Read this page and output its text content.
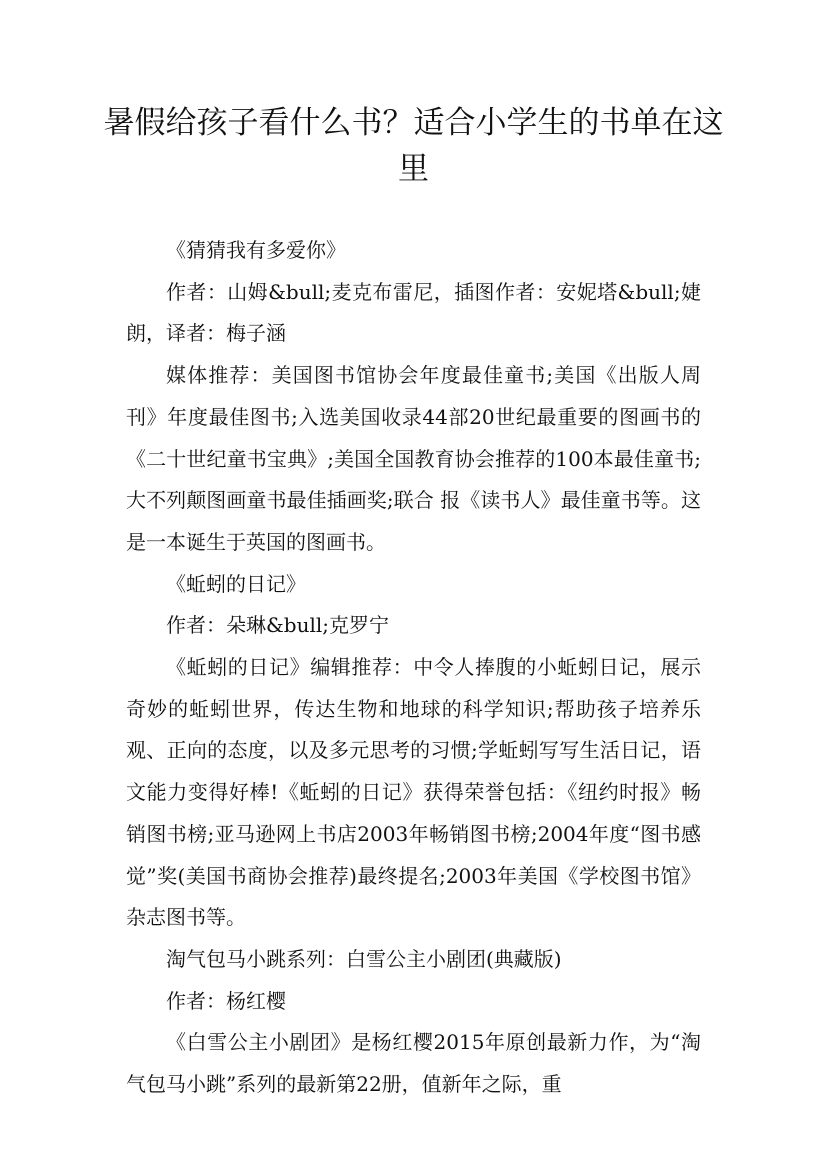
暑假给孩子看什么书？适合小学生的书单在这里

《猜猜我有多爱你》

作者：山姆&bull;麦克布雷尼，插图作者：安妮塔&bull;婕朗，译者：梅子涵

媒体推荐：美国图书馆协会年度最佳童书;美国《出版人周刊》年度最佳图书;入选美国收录44部20世纪最重要的图画书的《二十世纪童书宝典》;美国全国教育协会推荐的100本最佳童书;大不列颠图画童书最佳插画奖;联合 报《读书人》最佳童书等。这是一本诞生于英国的图画书。

《蚯蚓的日记》

作者：朵琳&bull;克罗宁

《蚯蚓的日记》编辑推荐：中令人捧腹的小蚯蚓日记，展示奇妙的蚯蚓世界，传达生物和地球的科学知识;帮助孩子培养乐观、正向的态度，以及多元思考的习惯;学蚯蚓写写生活日记，语文能力变得好棒!《蚯蚓的日记》获得荣誉包括：《纽约时报》畅销图书榜;亚马逊网上书店2003年畅销图书榜;2004年度“图书感觉”奖(美国书商协会推荐)最终提名;2003年美国《学校图书馆》杂志图书等。

淘气包马小跳系列：白雪公主小剧团(典藏版)

作者：杨红樱

《白雪公主小剧团》是杨红樱2015年原创最新力作，为“淘气包马小跳”系列的最新第22册，值新年之际，重
